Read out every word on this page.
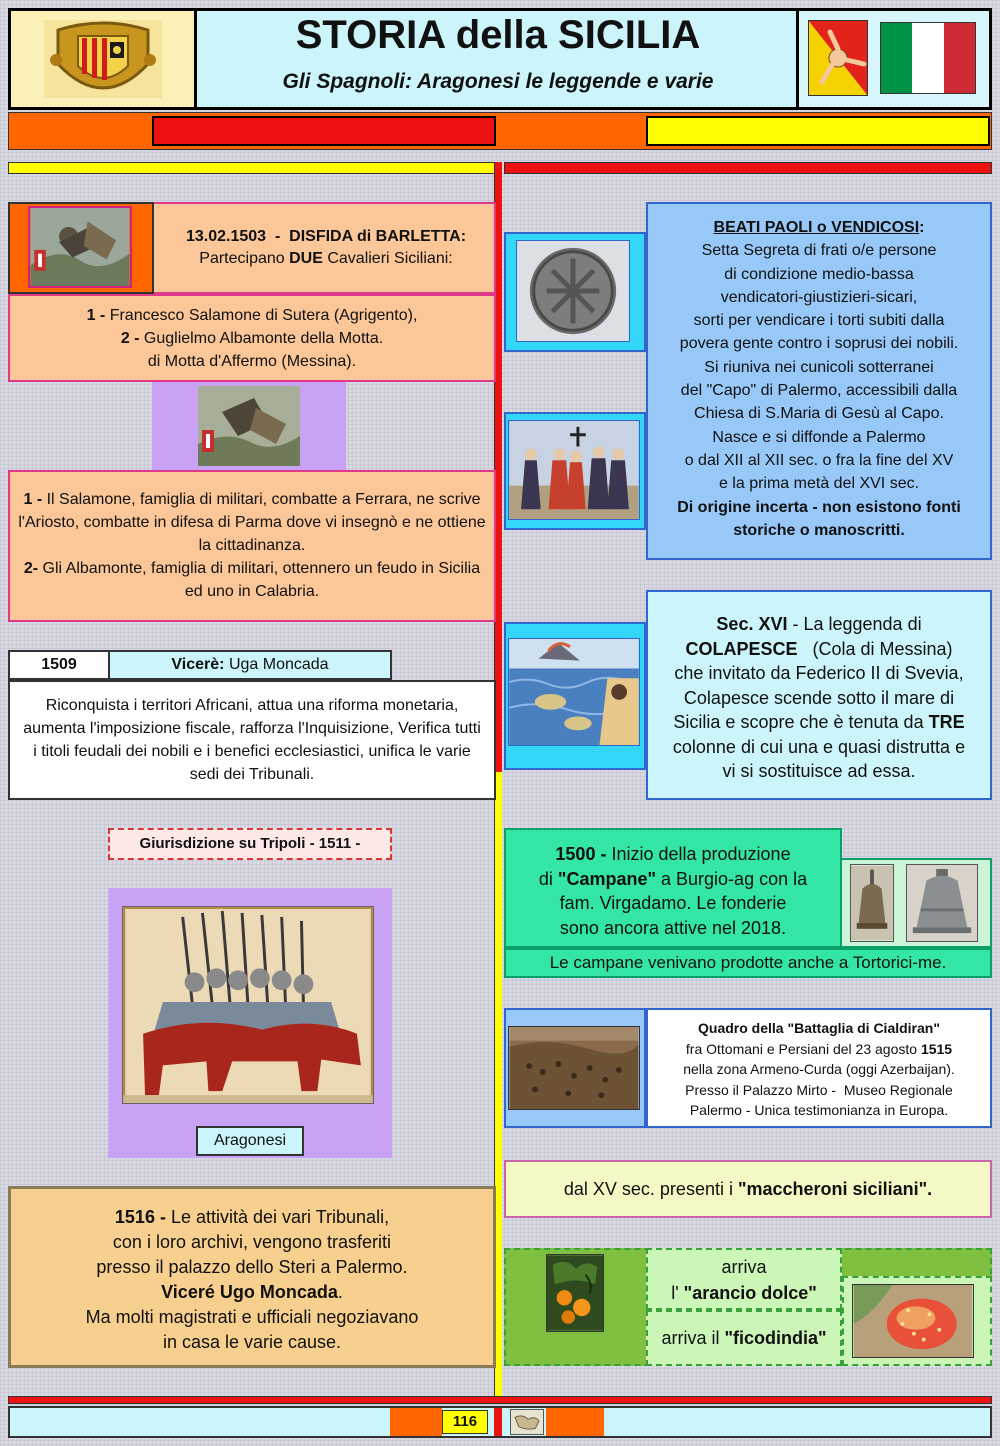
STORIA della SICILIA
Gli Spagnoli: Aragonesi le leggende e varie
13.02.1503  -  DISFIDA di BARLETTA:
Partecipano DUE Cavalieri Siciliani:
1 - Francesco Salamone di Sutera (Agrigento),
2 - Guglielmo Albamonte della Motta.
di Motta d'Affermo (Messina).
1 - Il Salamone, famiglia di militari, combatte a Ferrara, ne scrive l'Ariosto, combatte in difesa di Parma dove vi insegnò e ne ottiene la cittadinanza.
2- Gli Albamonte, famiglia di militari, ottennero un feudo in Sicilia ed uno in Calabria.
1509	Vicerè: Uga Moncada
Riconquista i territori Africani, attua una riforma monetaria, aumenta l'imposizione fiscale, rafforza l'Inquisizione, Verifica tutti i titoli feudali dei nobili e i benefici ecclesiastici, unifica le varie sedi dei Tribunali.
Giurisdizione su Tripoli - 1511 -
Aragonesi
1516 - Le attività dei vari Tribunali,
con i loro archivi, vengono trasferiti
presso il palazzo dello Steri a Palermo.
Viceré Ugo Moncada.
Ma molti magistrati e ufficiali negoziavano
in casa le varie cause.
BEATI PAOLI o VENDICOSI:
Setta Segreta di frati o/e persone
di condizione medio-bassa
vendicatori-giustizieri-sicari,
sorti per vendicare i torti subiti dalla
povera gente contro i soprusi dei nobili.
Si riuniva nei cunicoli sotterranei
del "Capo" di Palermo, accessibili dalla
Chiesa di S.Maria di Gesù al Capo.
Nasce e si diffonde a Palermo
o dal XII al XII sec. o fra la fine del XV
e la prima metà del XVI sec.
Di origine incerta - non esistono fonti
storiche o manoscritti.
Sec. XVI - La leggenda di
COLAPESCE   (Cola di Messina)
che invitato da Federico II di Svevia,
Colapesce scende sotto il mare di
Sicilia e scopre che è tenuta da TRE
colonne di cui una e quasi distrutta e
vi si sostituisce ad essa.
1500 - Inizio della produzione
di "Campane" a Burgio-ag con la
fam. Virgadamo. Le fonderie
sono ancora attive nel 2018.
Le campane venivano prodotte anche a Tortorici-me.
Quadro della "Battaglia di Cialdiran"
fra Ottomani e Persiani del 23 agosto 1515
nella zona Armeno-Curda (oggi Azerbaijan).
Presso il Palazzo Mirto -  Museo Regionale
Palermo - Unica testimonianza in Europa.
dal XV sec. presenti i "maccheroni siciliani".
arriva
l' "arancio dolce"
arriva il "ficodindia"
116
